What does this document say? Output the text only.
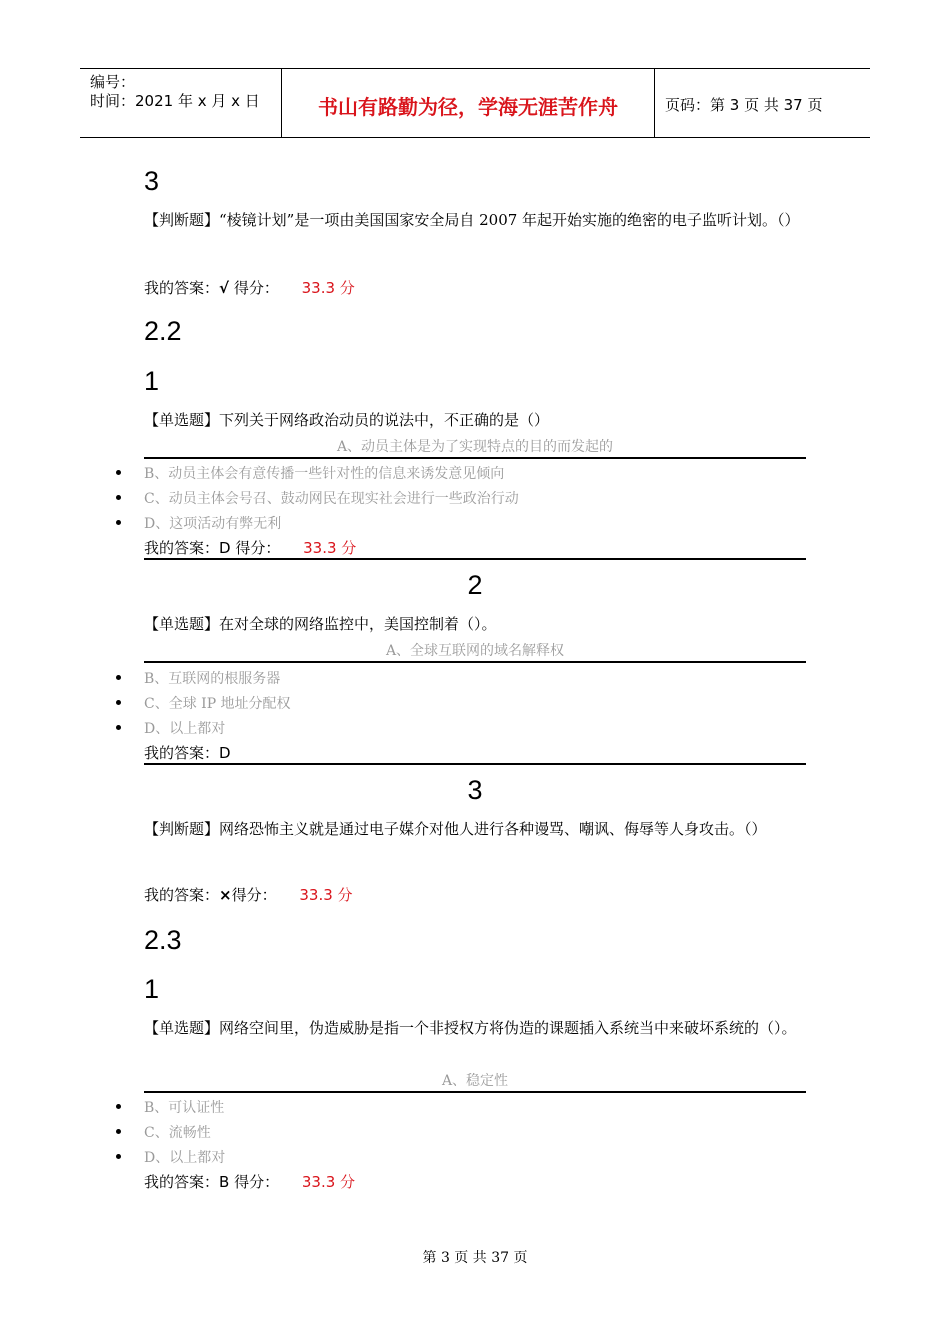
编号：
时间：2021 年 x 月 x 日	书山有路勤为径，学海无涯苦作舟	页码：第 3 页 共 37 页
3
【判断题】“棱镜计划”是一项由美国国家安全局自 2007 年起开始实施的绝密的电子监听计划。（）
我的答案：√ 得分： 33.3 分
2.2
1
【单选题】下列关于网络政治动员的说法中，不正确的是（）
A、动员主体是为了实现特点的目的而发起的
B、动员主体会有意传播一些针对性的信息来诱发意见倾向
C、动员主体会号召、鼓动网民在现实社会进行一些政治行动
D、这项活动有弊无利
我的答案：D 得分： 33.3 分
2
【单选题】在对全球的网络监控中，美国控制着（）。
A、全球互联网的域名解释权
B、互联网的根服务器
C、全球 IP 地址分配权
D、以上都对
我的答案：D
3
【判断题】网络恐怖主义就是通过电子媒介对他人进行各种谩骂、嘲讽、侮辱等人身攻击。（）
我的答案：×得分： 33.3 分
2.3
1
【单选题】网络空间里，伪造威胁是指一个非授权方将伪造的课题插入系统当中来破坏系统的（）。
A、稳定性
B、可认证性
C、流畅性
D、以上都对
我的答案：B 得分： 33.3 分
第 3 页 共 37 页
